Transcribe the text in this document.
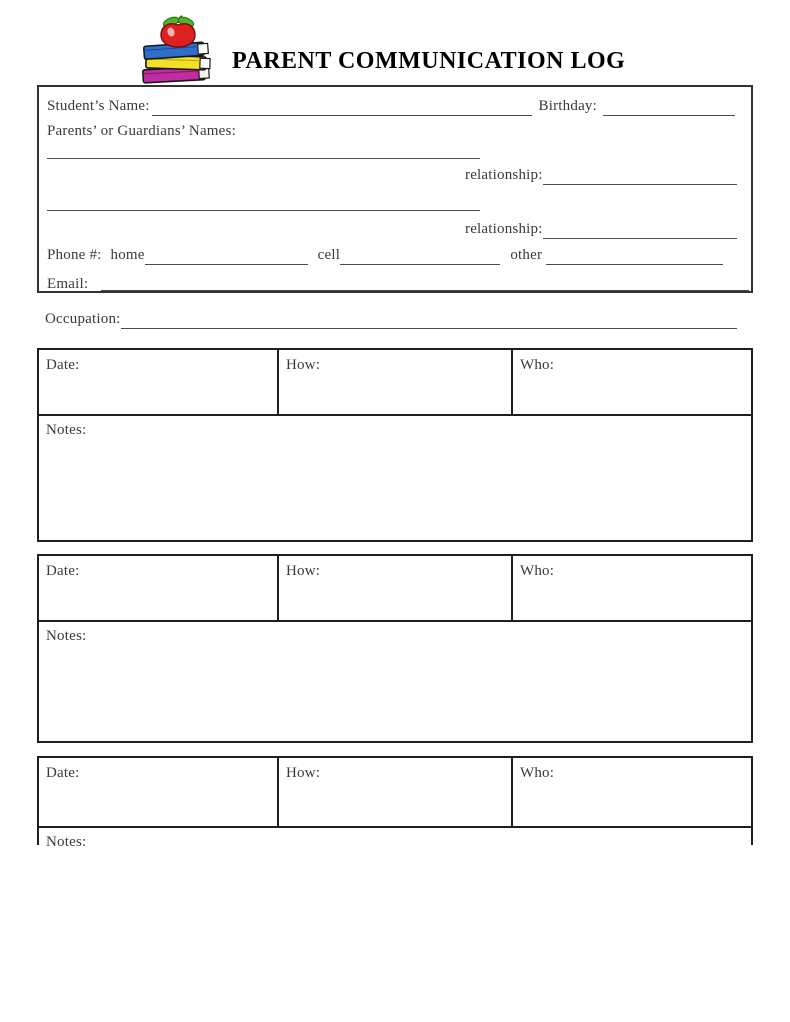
PARENT COMMUNICATION LOG
Student’s Name:	Birthday:
Parents’ or Guardians’ Names:
relationship:
relationship:
Phone #: home	cell	other
Email:
Occupation:
Date:	How:	Who:
Notes:
Date:	How:	Who:
Notes:
Date:	How:	Who:
Notes:
